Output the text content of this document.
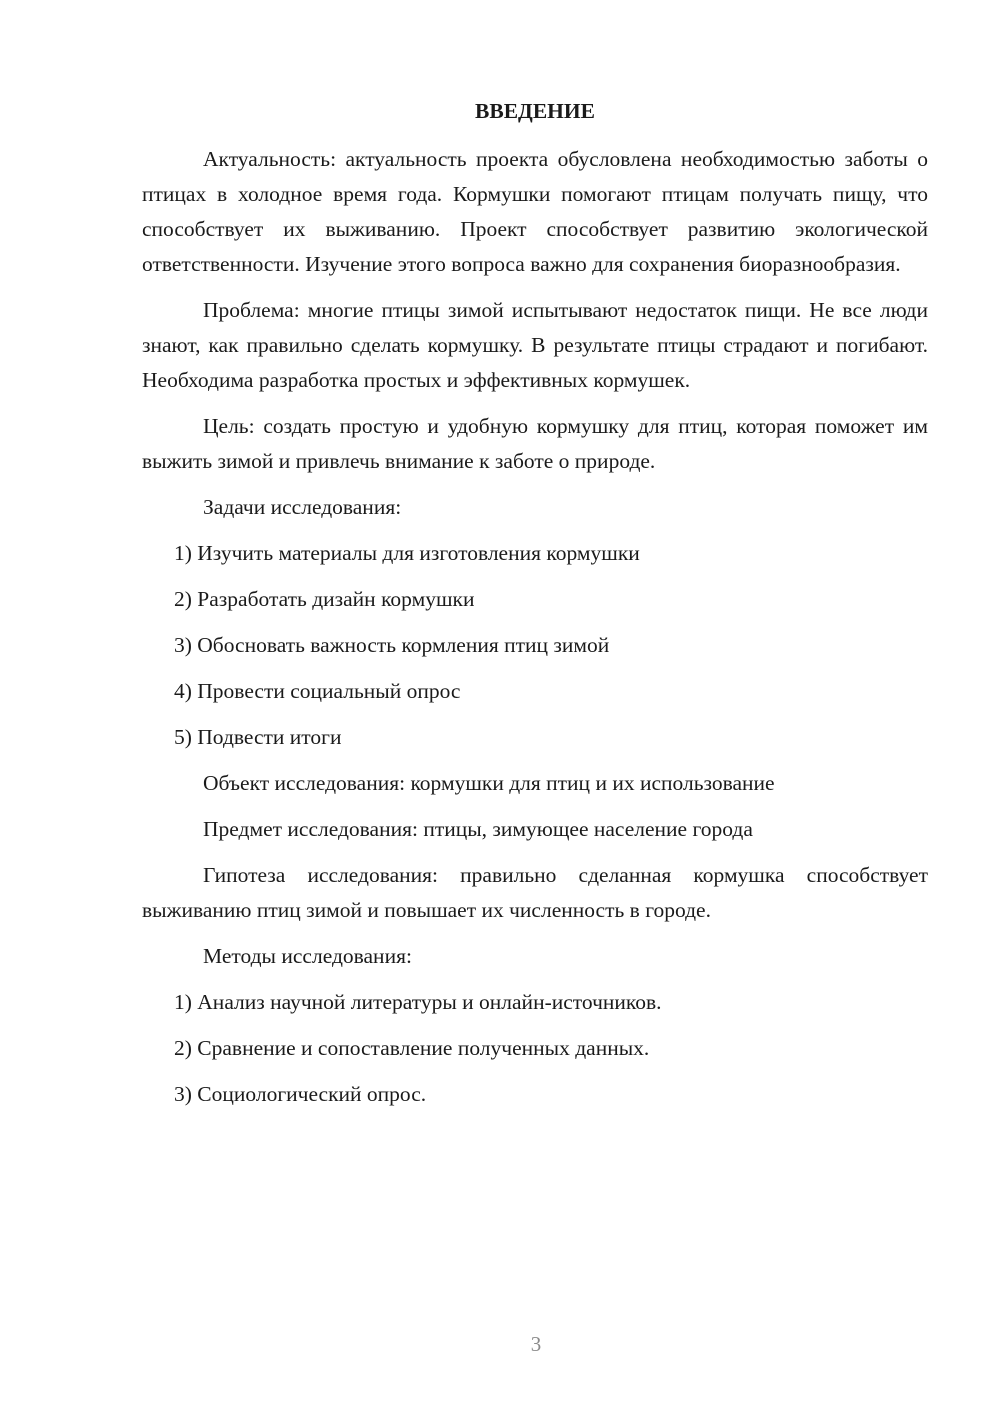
ВВЕДЕНИЕ

Актуальность: актуальность проекта обусловлена необходимостью заботы о птицах в холодное время года. Кормушки помогают птицам получать пищу, что способствует их выживанию. Проект способствует развитию экологической ответственности. Изучение этого вопроса важно для сохранения биоразнообразия.

Проблема: многие птицы зимой испытывают недостаток пищи. Не все люди знают, как правильно сделать кормушку. В результате птицы страдают и погибают. Необходима разработка простых и эффективных кормушек.

Цель: создать простую и удобную кормушку для птиц, которая поможет им выжить зимой и привлечь внимание к заботе о природе.

Задачи исследования:
1) Изучить материалы для изготовления кормушки
2) Разработать дизайн кормушки
3) Обосновать важность кормления птиц зимой
4) Провести социальный опрос
5) Подвести итоги
Объект исследования: кормушки для птиц и их использование
Предмет исследования: птицы, зимующее население города

Гипотеза исследования: правильно сделанная кормушка способствует выживанию птиц зимой и повышает их численность в городе.

Методы исследования:
1) Анализ научной литературы и онлайн-источников.
2) Сравнение и сопоставление полученных данных.
3) Социологический опрос.
3
